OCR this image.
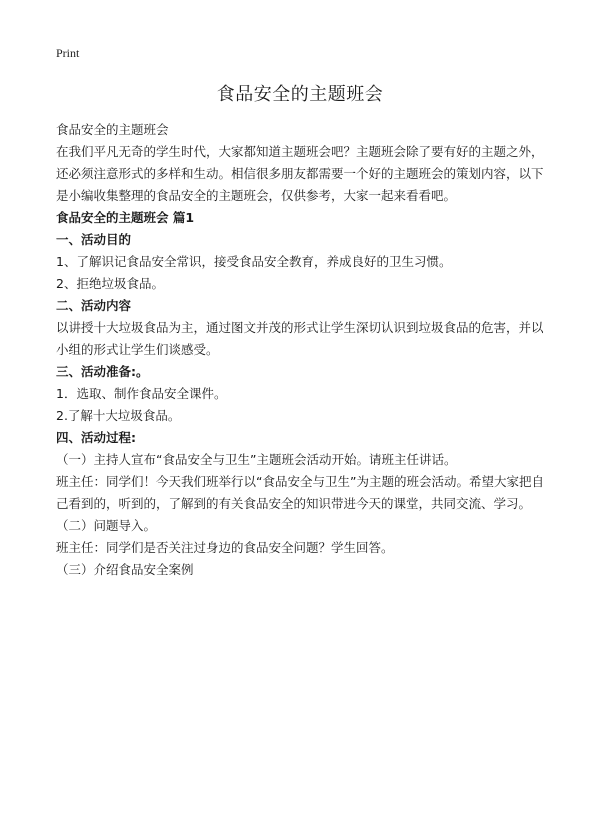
Print
食品安全的主题班会

食品安全的主题班会

在我们平凡无奇的学生时代，大家都知道主题班会吧？主题班会除了要有好的主题之外，还必须注意形式的多样和生动。相信很多朋友都需要一个好的主题班会的策划内容，以下是小编收集整理的食品安全的主题班会，仅供参考，大家一起来看看吧。

食品安全的主题班会 篇1

一、活动目的

1、了解识记食品安全常识，接受食品安全教育，养成良好的卫生习惯。

2、拒绝垃圾食品。

二、活动内容

以讲授十大垃圾食品为主，通过图文并茂的形式让学生深切认识到垃圾食品的危害，并以小组的形式让学生们谈感受。

三、活动准备:。

1．选取、制作食品安全课件。

2.了解十大垃圾食品。

四、活动过程:

（一）主持人宣布“食品安全与卫生”主题班会活动开始。请班主任讲话。

班主任：同学们！今天我们班举行以“食品安全与卫生”为主题的班会活动。希望大家把自己看到的，听到的，了解到的有关食品安全的知识带进今天的课堂，共同交流、学习。

（二）问题导入。

班主任：同学们是否关注过身边的食品安全问题？学生回答。

（三）介绍食品安全案例
